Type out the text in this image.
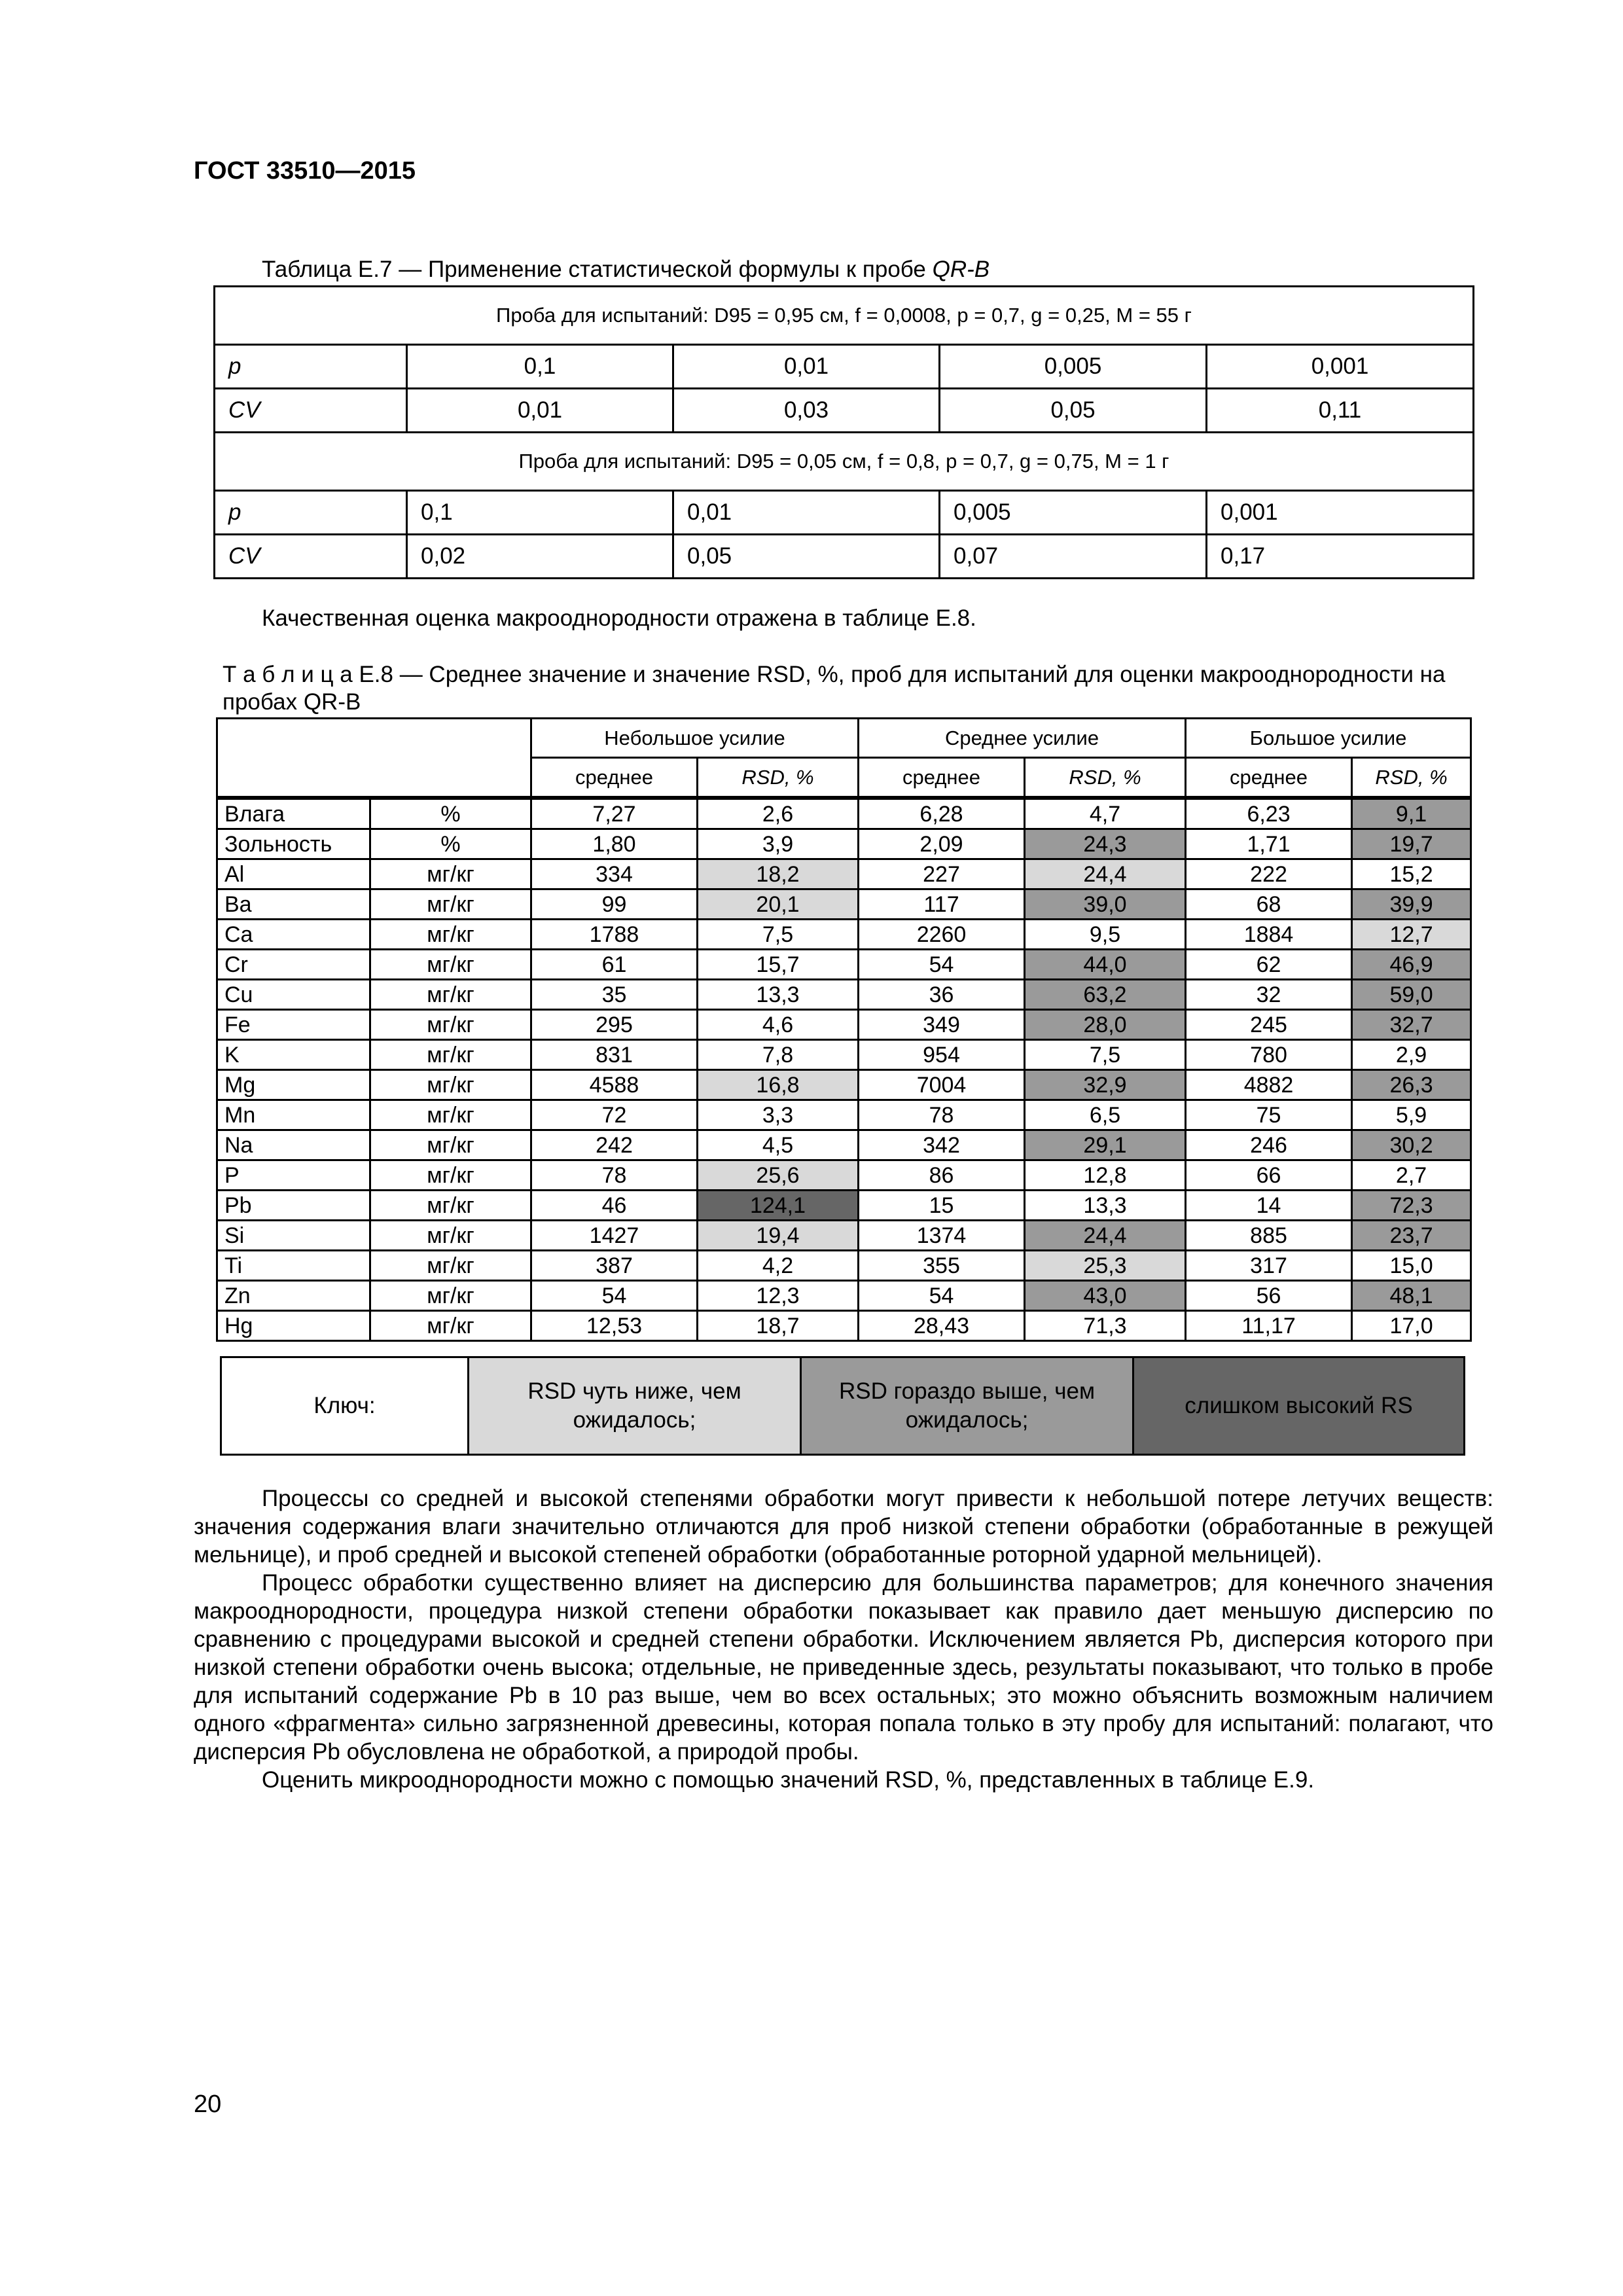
ГОСТ 33510—2015
Таблица E.7 — Применение статистической формулы к пробе QR-B
Проба для испытаний: D95 = 0,95 см, f = 0,0008, p = 0,7, g = 0,25, M = 55 г				
p	0,1	0,01	0,005	0,001
CV	0,01	0,03	0,05	0,11
Проба для испытаний: D95 = 0,05 см, f = 0,8, p = 0,7, g = 0,75, M = 1 г				
p	0,1	0,01	0,005	0,001
CV	0,02	0,05	0,07	0,17
Качественная оценка макрооднородности отражена в таблице E.8.
Т а б л и ц а E.8 — Среднее значение и значение RSD, %, проб для испытаний для оценки макрооднородности на пробах QR-B
		Небольшое усилие		Среднее усилие		Большое усилие	
		среднее	RSD, %	среднее	RSD, %	среднее	RSD, %
Влага	%	7,27	2,6	6,28	4,7	6,23	9,1
Зольность	%	1,80	3,9	2,09	24,3	1,71	19,7
Al	мг/кг	334	18,2	227	24,4	222	15,2
Ba	мг/кг	99	20,1	117	39,0	68	39,9
Ca	мг/кг	1788	7,5	2260	9,5	1884	12,7
Cr	мг/кг	61	15,7	54	44,0	62	46,9
Cu	мг/кг	35	13,3	36	63,2	32	59,0
Fe	мг/кг	295	4,6	349	28,0	245	32,7
K	мг/кг	831	7,8	954	7,5	780	2,9
Mg	мг/кг	4588	16,8	7004	32,9	4882	26,3
Mn	мг/кг	72	3,3	78	6,5	75	5,9
Na	мг/кг	242	4,5	342	29,1	246	30,2
P	мг/кг	78	25,6	86	12,8	66	2,7
Pb	мг/кг	46	124,1	15	13,3	14	72,3
Si	мг/кг	1427	19,4	1374	24,4	885	23,7
Ti	мг/кг	387	4,2	355	25,3	317	15,0
Zn	мг/кг	54	12,3	54	43,0	56	48,1
Hg	мг/кг	12,53	18,7	28,43	71,3	11,17	17,0
Ключ:	RSD чуть ниже, чем ожидалось;	RSD гораздо выше, чем ожидалось;	слишком высокий RS

Процессы со средней и высокой степенями обработки могут привести к небольшой потере летучих веществ: значения содержания влаги значительно отличаются для проб низкой степени обработки (обработанные в режущей мельнице), и проб средней и высокой степеней обработки (обработанные роторной ударной мельницей).

Процесс обработки существенно влияет на дисперсию для большинства параметров; для конечного значения макрооднородности, процедура низкой степени обработки показывает как правило дает меньшую дисперсию по сравнению с процедурами высокой и средней степени обработки. Исключением является Pb, дисперсия которого при низкой степени обработки очень высока; отдельные, не приведенные здесь, результаты показывают, что только в пробе для испытаний содержание Pb в 10 раз выше, чем во всех остальных; это можно объяснить возможным наличием одного «фрагмента» сильно загрязненной древесины, которая попала только в эту пробу для испытаний: полагают, что дисперсия Pb обусловлена не обработкой, а природой пробы.

Оценить микрооднородности можно с помощью значений RSD, %, представленных в таблице E.9.

20
